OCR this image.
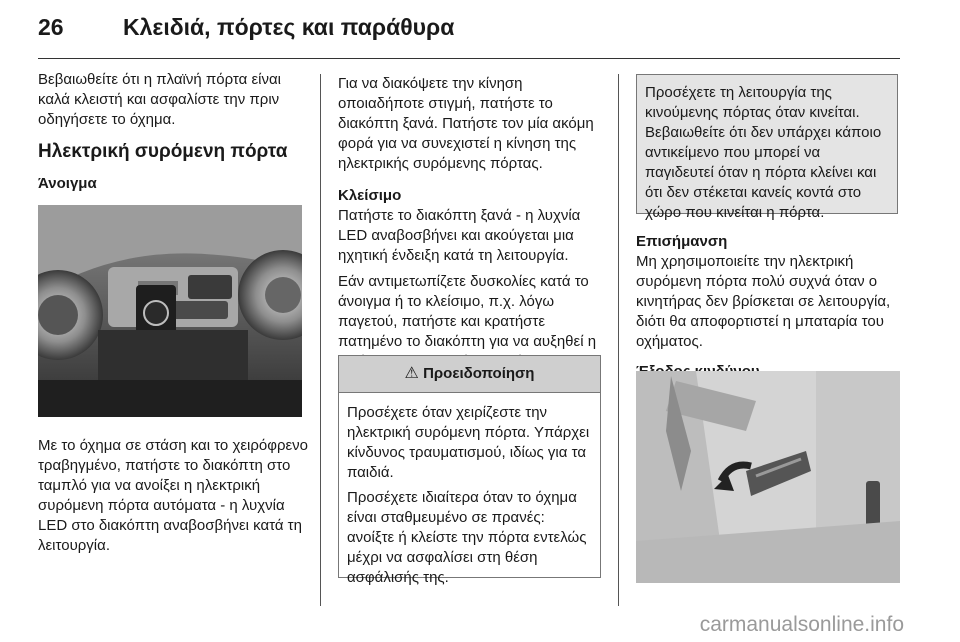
26	Κλειδιά, πόρτες και παράθυρα

Βεβαιωθείτε ότι η πλαϊνή πόρτα είναι καλά κλειστή και ασφαλίστε την πριν οδηγήσετε το όχημα.

Ηλεκτρική συρόμενη πόρτα
Άνοιγμα

Με το όχημα σε στάση και το χειρόφρενο τραβηγμένο, πατήστε το διακόπτη στο ταμπλό για να ανοίξει η ηλεκτρική συρόμενη πόρτα αυτόματα - η λυχνία LED στο διακόπτη αναβοσβήνει κατά τη λειτουργία.

Για να διακόψετε την κίνηση οποιαδήποτε στιγμή, πατήστε το διακόπτη ξανά. Πατήστε τον μία ακόμη φορά για να συνεχιστεί η κίνηση της ηλεκτρικής συρόμενης πόρτας.

Κλείσιμο

Πατήστε το διακόπτη ξανά - η λυχνία LED αναβοσβήνει και ακούγεται μια ηχητική ένδειξη κατά τη λειτουργία.

Εάν αντιμετωπίζετε δυσκολίες κατά το άνοιγμα ή το κλείσιμο, π.χ. λόγω παγετού, πατήστε και κρατήστε πατημένο το διακόπτη για να αυξηθεί η

⚠ Προειδοποίηση

Προσέχετε όταν χειρίζεστε την ηλεκτρική συρόμενη πόρτα. Υπάρχει κίνδυνος τραυματισμού, ιδίως για τα παιδιά.

Προσέχετε ιδιαίτερα όταν το όχημα είναι σταθμευμένο σε πρανές: ανοίξτε ή κλείστε την πόρτα εντελώς μέχρι να ασφαλίσει στη θέση ασφάλισής της.

Προσέχετε τη λειτουργία της κινούμενης πόρτας όταν κινείται. Βεβαιωθείτε ότι δεν υπάρχει κάποιο αντικείμενο που μπορεί να παγιδευτεί όταν η πόρτα κλείνει και ότι δεν στέκεται κανείς κοντά στο χώρο που κινείται η πόρτα.
Επισήμανση

Μη χρησιμοποιείτε την ηλεκτρική συρόμενη πόρτα πολύ συχνά όταν ο κινητήρας δεν βρίσκεται σε λειτουργία, διότι θα αποφορτιστεί η μπαταρία του οχήματος.

carmanualsonline.info
